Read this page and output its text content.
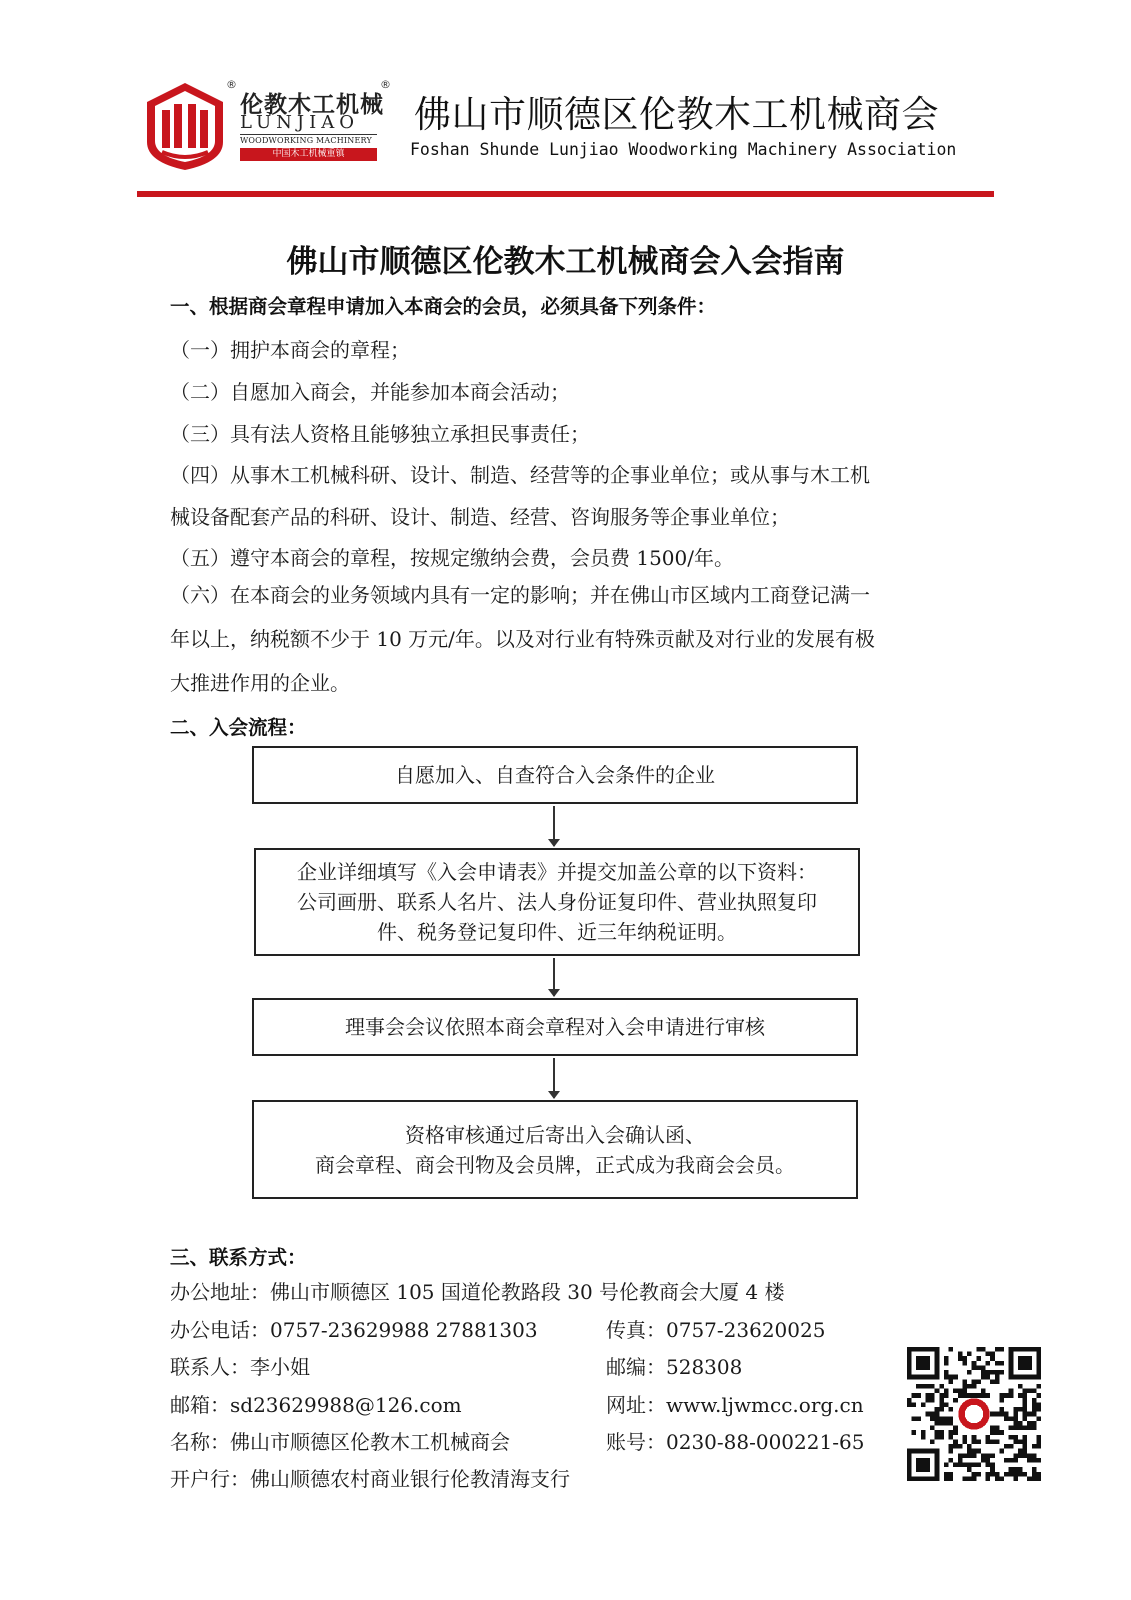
®	®
伦教木工机械
LUNJIAO
WOODWORKING MACHINERY
中国木工机械重镇
佛山市顺德区伦教木工机械商会
Foshan Shunde Lunjiao Woodworking Machinery Association
佛山市顺德区伦教木工机械商会入会指南
一、根据商会章程申请加入本商会的会员，必须具备下列条件：
（一）拥护本商会的章程；
（二）自愿加入商会，并能参加本商会活动；
（三）具有法人资格且能够独立承担民事责任；
（四）从事木工机械科研、设计、制造、经营等的企事业单位；或从事与木工机
械设备配套产品的科研、设计、制造、经营、咨询服务等企事业单位；
（五）遵守本商会的章程，按规定缴纳会费，会员费 1500/年。
（六）在本商会的业务领域内具有一定的影响；并在佛山市区域内工商登记满一
年以上，纳税额不少于 10 万元/年。以及对行业有特殊贡献及对行业的发展有极
大推进作用的企业。
二、入会流程：
自愿加入、自查符合入会条件的企业
企业详细填写《入会申请表》并提交加盖公章的以下资料：
公司画册、联系人名片、法人身份证复印件、营业执照复印
件、税务登记复印件、近三年纳税证明。
理事会会议依照本商会章程对入会申请进行审核
资格审核通过后寄出入会确认函、
商会章程、商会刊物及会员牌，正式成为我商会会员。
三、联系方式：
办公地址：佛山市顺德区 105 国道伦教路段 30 号伦教商会大厦 4 楼
办公电话：0757-23629988 27881303	传真：0757-23620025
联系人：李小姐	邮编：528308
邮箱：sd23629988@126.com	网址：www.ljwmcc.org.cn
名称：佛山市顺德区伦教木工机械商会	账号：0230-88-000221-65
开户行：佛山顺德农村商业银行伦教清海支行
